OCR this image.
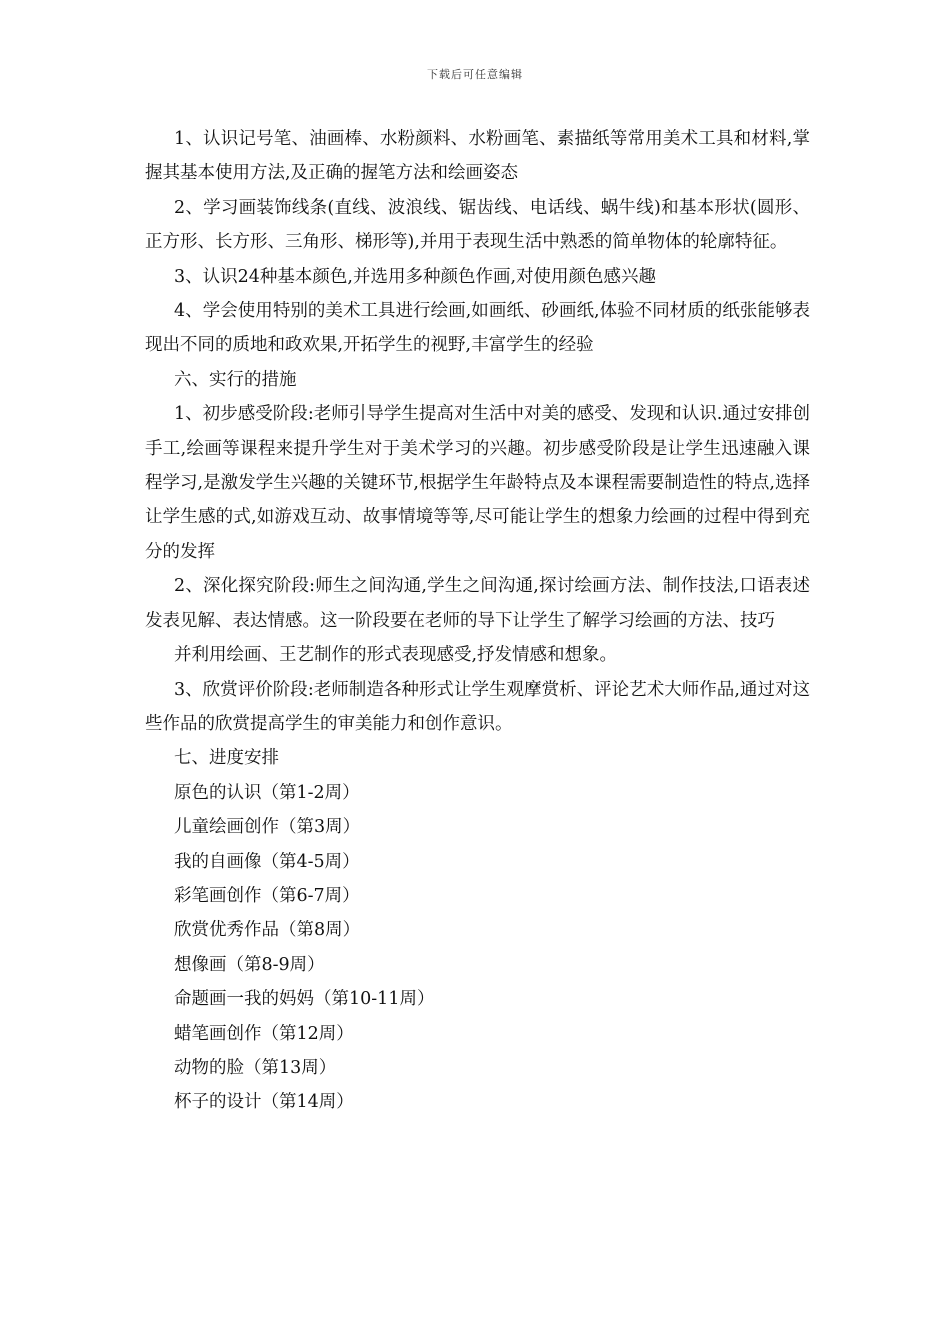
下载后可任意编辑

1、认识记号笔、油画棒、水粉颜料、水粉画笔、素描纸等常用美术工具和材料,掌握其基本使用方法,及正确的握笔方法和绘画姿态

2、学习画装饰线条(直线、波浪线、锯齿线、电话线、蜗牛线)和基本形状(圆形、正方形、长方形、三角形、梯形等),并用于表现生活中熟悉的简单物体的轮廓特征。

3、认识24种基本颜色,并选用多种颜色作画,对使用颜色感兴趣

4、学会使用特别的美术工具进行绘画,如画纸、砂画纸,体验不同材质的纸张能够表现出不同的质地和政欢果,开拓学生的视野,丰富学生的经验

六、实行的措施

1、初步感受阶段:老师引导学生提高对生活中对美的感受、发现和认识.通过安排创手工,绘画等课程来提升学生对于美术学习的兴趣。初步感受阶段是让学生迅速融入课程学习,是激发学生兴趣的关键环节,根据学生年龄特点及本课程需要制造性的特点,选择让学生感的式,如游戏互动、故事情境等等,尽可能让学生的想象力绘画的过程中得到充分的发挥

2、深化探究阶段:师生之间沟通,学生之间沟通,探讨绘画方法、制作技法,口语表述发表见解、表达情感。这一阶段要在老师的导下让学生了解学习绘画的方法、技巧

并利用绘画、王艺制作的形式表现感受,抒发情感和想象。

3、欣赏评价阶段:老师制造各种形式让学生观摩赏析、评论艺术大师作品,通过对这些作品的欣赏提高学生的审美能力和创作意识。

七、进度安排

原色的认识（第1-2周）
儿童绘画创作（第3周）
我的自画像（第4-5周）
彩笔画创作（第6-7周）
欣赏优秀作品（第8周）
想像画（第8-9周）
命题画一我的妈妈（第10-11周）
蜡笔画创作（第12周）
动物的脸（第13周）
杯子的设计（第14周）
